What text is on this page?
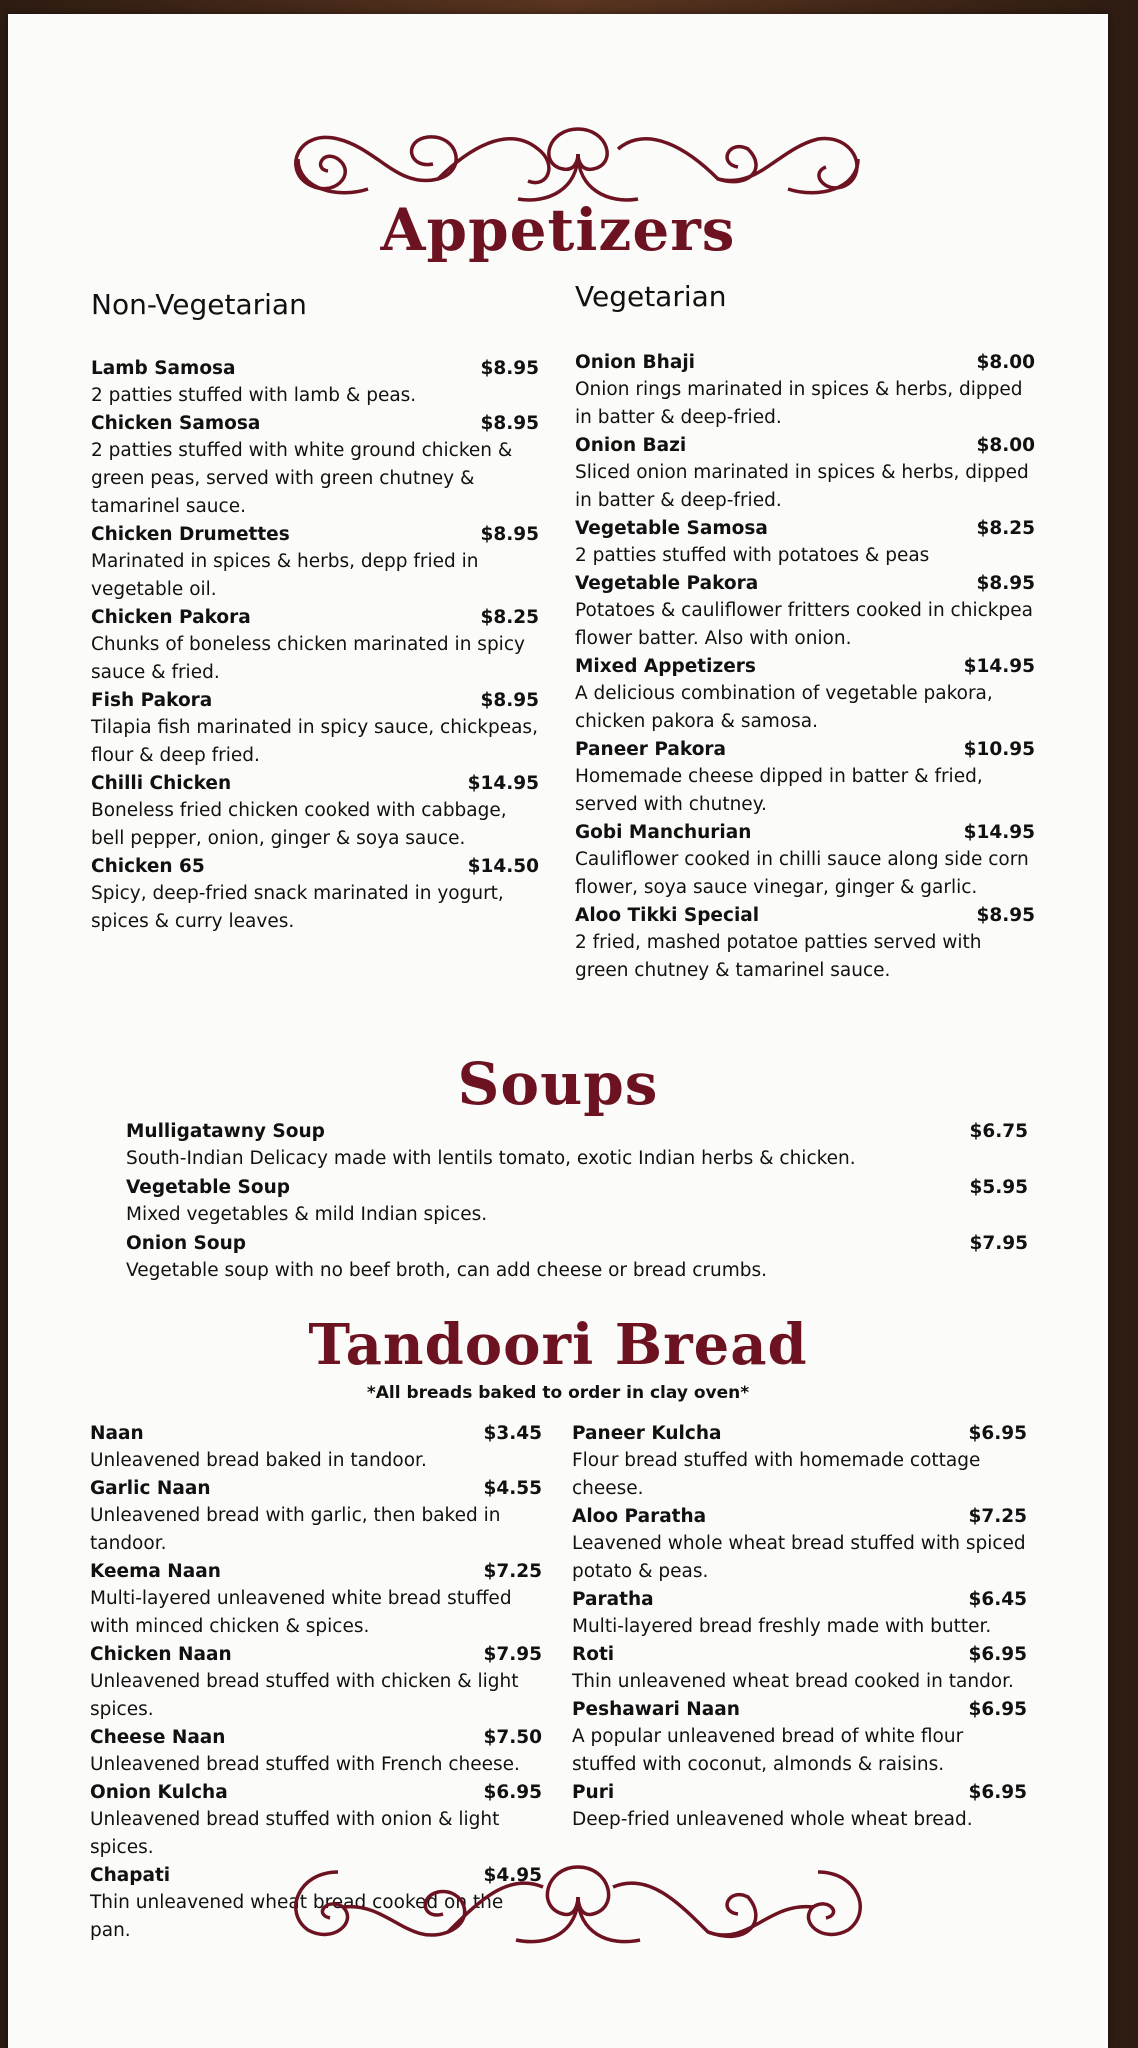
Appetizers
Non-Vegetarian
Lamb Samosa	$8.95

2 patties stuffed with lamb & peas.

Chicken Samosa	$8.95

2 patties stuffed with white ground chicken & green peas, served with green chutney & tamarinel sauce.

Chicken Drumettes	$8.95

Marinated in spices & herbs, depp fried in vegetable oil.

Chicken Pakora	$8.25

Chunks of boneless chicken marinated in spicy sauce & fried.

Fish Pakora	$8.95

Tilapia fish marinated in spicy sauce, chickpeas, flour & deep fried.

Chilli Chicken	$14.95

Boneless fried chicken cooked with cabbage, bell pepper, onion, ginger & soya sauce.

Chicken 65	$14.50

Spicy, deep-fried snack marinated in yogurt, spices & curry leaves.

Vegetarian
Onion Bhaji	$8.00

Onion rings marinated in spices & herbs, dipped in batter & deep-fried.

Onion Bazi	$8.00

Sliced onion marinated in spices & herbs, dipped in batter & deep-fried.

Vegetable Samosa	$8.25

2 patties stuffed with potatoes & peas

Vegetable Pakora	$8.95

Potatoes & cauliflower fritters cooked in chickpea flower batter. Also with onion.

Mixed Appetizers	$14.95

A delicious combination of vegetable pakora, chicken pakora & samosa.

Paneer Pakora	$10.95

Homemade cheese dipped in batter & fried, served with chutney.

Gobi Manchurian	$14.95

Cauliflower cooked in chilli sauce along side corn flower, soya sauce vinegar, ginger & garlic.

Aloo Tikki Special	$8.95

2 fried, mashed potatoe patties served with green chutney & tamarinel sauce.

Soups
Mulligatawny Soup	$6.75

South-Indian Delicacy made with lentils tomato, exotic Indian herbs & chicken.

Vegetable Soup	$5.95

Mixed vegetables & mild Indian spices.

Onion Soup	$7.95

Vegetable soup with no beef broth, can add cheese or bread crumbs.

Tandoori Bread
*All breads baked to order in clay oven*
Naan	$3.45

Unleavened bread baked in tandoor.

Garlic Naan	$4.55

Unleavened bread with garlic, then baked in tandoor.

Keema Naan	$7.25

Multi-layered unleavened white bread stuffed with minced chicken & spices.

Chicken Naan	$7.95

Unleavened bread stuffed with chicken & light spices.

Cheese Naan	$7.50

Unleavened bread stuffed with French cheese.

Onion Kulcha	$6.95

Unleavened bread stuffed with onion & light spices.

Chapati	$4.95

Thin unleavened wheat bread cooked on the pan.

Paneer Kulcha	$6.95

Flour bread stuffed with homemade cottage cheese.

Aloo Paratha	$7.25

Leavened whole wheat bread stuffed with spiced potato & peas.

Paratha	$6.45

Multi-layered bread freshly made with butter.

Roti	$6.95

Thin unleavened wheat bread cooked in tandor.

Peshawari Naan	$6.95

A popular unleavened bread of white flour stuffed with coconut, almonds & raisins.

Puri	$6.95

Deep-fried unleavened whole wheat bread.
